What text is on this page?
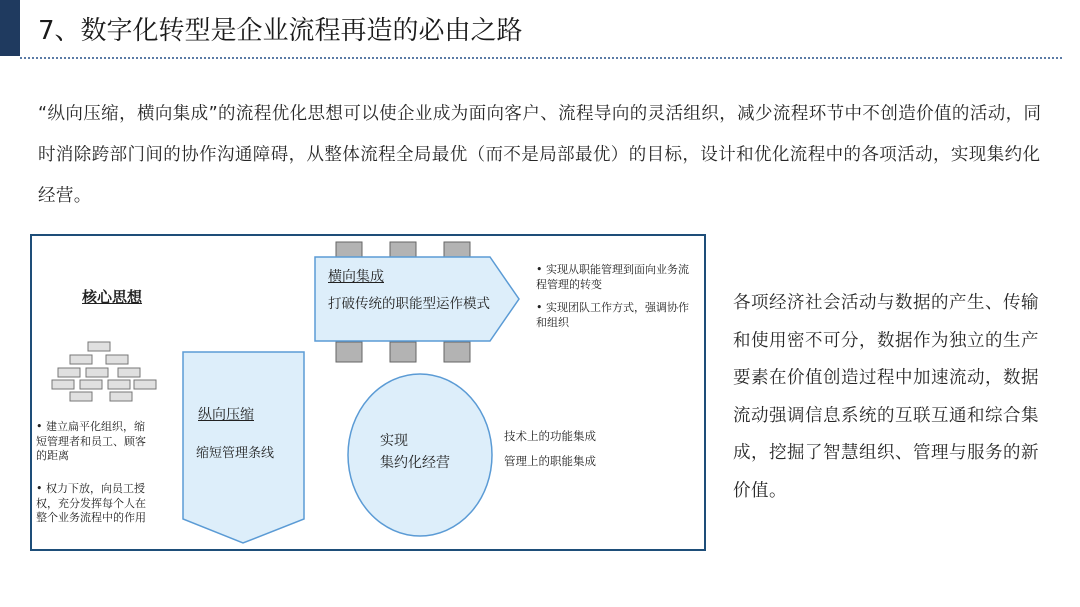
7、数字化转型是企业流程再造的必由之路
“纵向压缩，横向集成”的流程优化思想可以使企业成为面向客户、流程导向的灵活组织，减少流程环节中不创造价值的活动，同时消除跨部门间的协作沟通障碍，从整体流程全局最优（而不是局部最优）的目标，设计和优化流程中的各项活动，实现集约化经营。
核心思想
• 建立扁平化组织，缩短管理者和员工、顾客的距离
• 权力下放，向员工授权，充分发挥每个人在整个业务流程中的作用
纵向压缩
缩短管理条线
横向集成
打破传统的职能型运作模式
• 实现从职能管理到面向业务流程管理的转变
• 实现团队工作方式，强调协作和组织
实现
集约化经营
技术上的功能集成
管理上的职能集成
各项经济社会活动与数据的产生、传输和使用密不可分，数据作为独立的生产要素在价值创造过程中加速流动，数据流动强调信息系统的互联互通和综合集成，挖掘了智慧组织、管理与服务的新价值。
